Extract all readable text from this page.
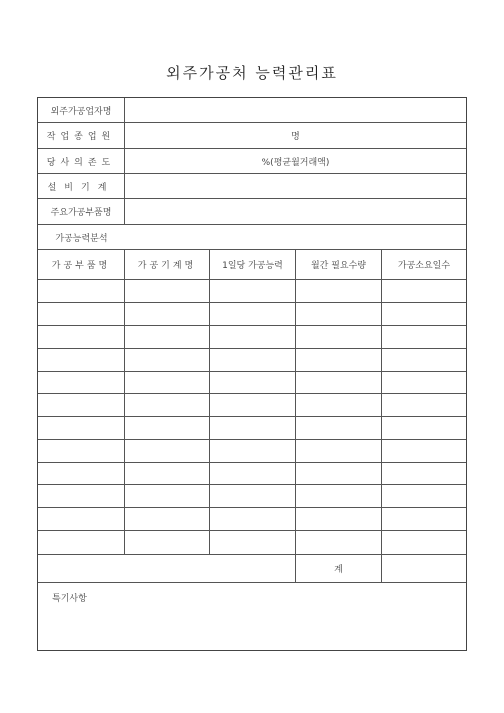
외주가공처 능력관리표
외주가공업자명
작업종업원	명
당사의존도	%(평균월거래액)
설비기계
주요가공부품명
가공능력분석
가공부품명	가공기계명	1일당 가공능력	월간 필요수량	가공소요일수
계
특기사항
